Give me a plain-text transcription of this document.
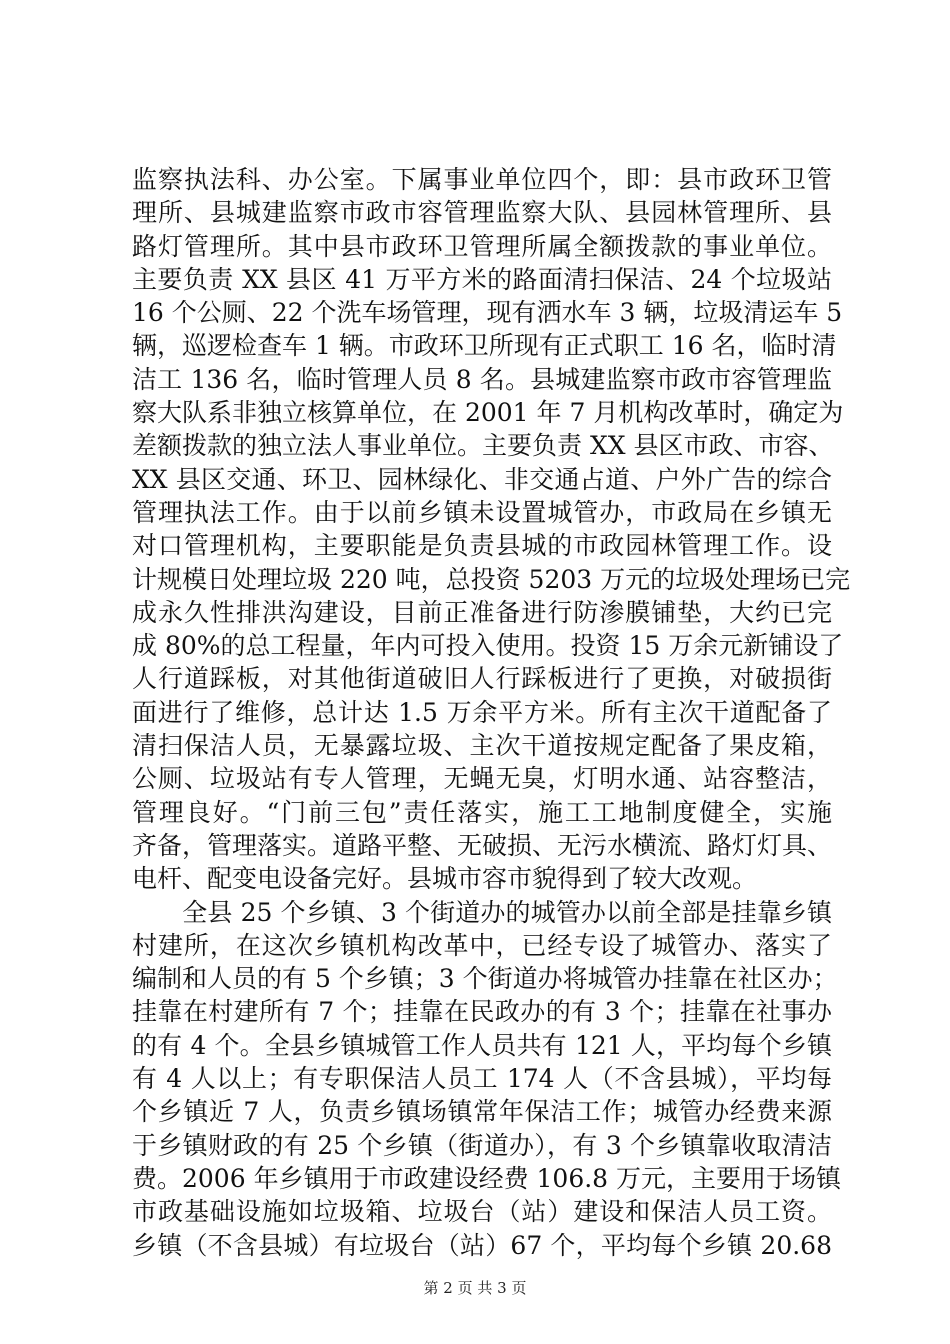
监察执法科、办公室。下属事业单位四个，即：县市政环卫管
理所、县城建监察市政市容管理监察大队、县园林管理所、县
路灯管理所。其中县市政环卫管理所属全额拨款的事业单位。
主要负责 XX 县区 41 万平方米的路面清扫保洁、24 个垃圾站
16 个公厕、22 个洗车场管理，现有洒水车 3 辆，垃圾清运车 5
辆，巡逻检查车 1 辆。市政环卫所现有正式职工 16 名，临时清
洁工 136 名，临时管理人员 8 名。县城建监察市政市容管理监
察大队系非独立核算单位，在 2001 年 7 月机构改革时，确定为
差额拨款的独立法人事业单位。主要负责 XX 县区市政、市容、
XX 县区交通、环卫、园林绿化、非交通占道、户外广告的综合
管理执法工作。由于以前乡镇未设置城管办，市政局在乡镇无
对口管理机构，主要职能是负责县城的市政园林管理工作。设
计规模日处理垃圾 220 吨，总投资 5203 万元的垃圾处理场已完
成永久性排洪沟建设，目前正准备进行防渗膜铺垫，大约已完
成 80%的总工程量，年内可投入使用。投资 15 万余元新铺设了
人行道踩板，对其他街道破旧人行踩板进行了更换，对破损街
面进行了维修，总计达 1.5 万余平方米。所有主次干道配备了
清扫保洁人员，无暴露垃圾、主次干道按规定配备了果皮箱，
公厕、垃圾站有专人管理，无蝇无臭，灯明水通、站容整洁，
管理良好。“门前三包”责任落实，施工工地制度健全，实施
齐备，管理落实。道路平整、无破损、无污水横流、路灯灯具、
电杆、配变电设备完好。县城市容市貌得到了较大改观。
　　全县 25 个乡镇、3 个街道办的城管办以前全部是挂靠乡镇
村建所，在这次乡镇机构改革中，已经专设了城管办、落实了
编制和人员的有 5 个乡镇；3 个街道办将城管办挂靠在社区办；
挂靠在村建所有 7 个；挂靠在民政办的有 3 个；挂靠在社事办
的有 4 个。全县乡镇城管工作人员共有 121 人，平均每个乡镇
有 4 人以上；有专职保洁人员工 174 人（不含县城），平均每
个乡镇近 7 人，负责乡镇场镇常年保洁工作；城管办经费来源
于乡镇财政的有 25 个乡镇（街道办），有 3 个乡镇靠收取清洁
费。2006 年乡镇用于市政建设经费 106.8 万元，主要用于场镇
市政基础设施如垃圾箱、垃圾台（站）建设和保洁人员工资。
乡镇（不含县城）有垃圾台（站）67 个，平均每个乡镇 20.68
第 2 页 共 3 页
